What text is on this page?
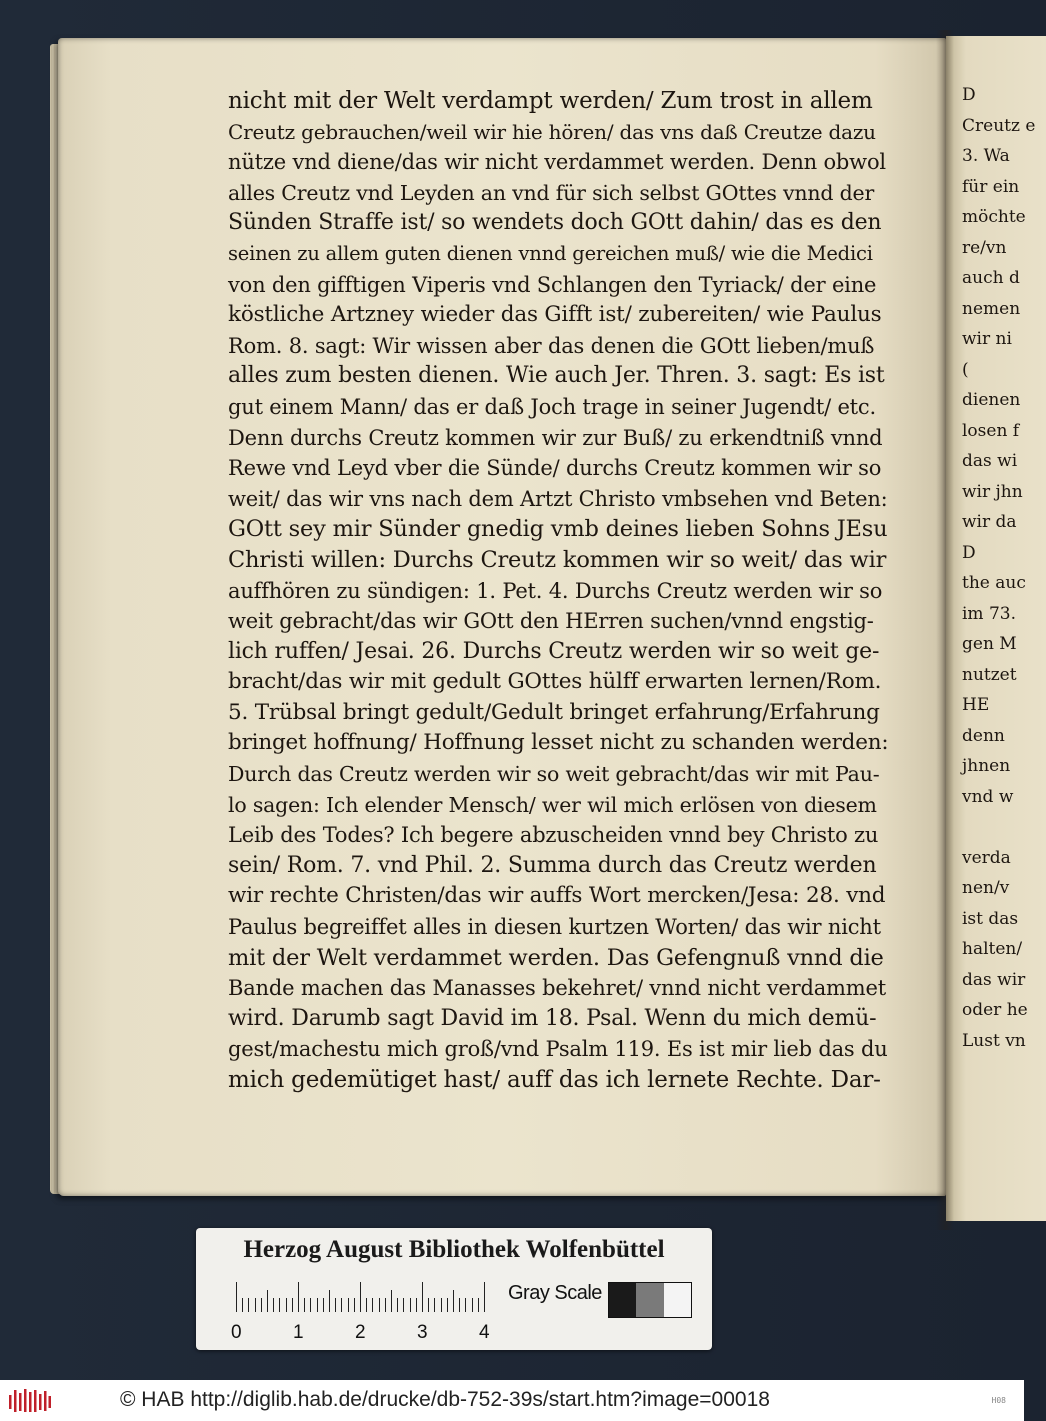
nicht mit der Welt verdampt werden/ Zum trost in allem
Creutz gebrauchen/weil wir hie hören/ das vns daß Creutze dazu
nütze vnd diene/das wir nicht verdammet werden. Denn obwol
alles Creutz vnd Leyden an vnd für sich selbst GOttes vnnd der
Sünden Straffe ist/ so wendets doch GOtt dahin/ das es den
seinen zu allem guten dienen vnnd gereichen muß/ wie die Medici
von den gifftigen Viperis vnd Schlangen den Tyriack/ der eine
köstliche Artzney wieder das Gifft ist/ zubereiten/ wie Paulus
Rom. 8. sagt: Wir wissen aber das denen die GOtt lieben/muß
alles zum besten dienen. Wie auch Jer. Thren. 3. sagt: Es ist
gut einem Mann/ das er daß Joch trage in seiner Jugendt/ etc.
Denn durchs Creutz kommen wir zur Buß/ zu erkendtniß vnnd
Rewe vnd Leyd vber die Sünde/ durchs Creutz kommen wir so
weit/ das wir vns nach dem Artzt Christo vmbsehen vnd Beten:
GOtt sey mir Sünder gnedig vmb deines lieben Sohns JEsu
Christi willen: Durchs Creutz kommen wir so weit/ das wir
auffhören zu sündigen: 1. Pet. 4. Durchs Creutz werden wir so
weit gebracht/das wir GOtt den HErren suchen/vnnd engstig-
lich ruffen/ Jesai. 26. Durchs Creutz werden wir so weit ge-
bracht/das wir mit gedult GOttes hülff erwarten lernen/Rom.
5. Trübsal bringt gedult/Gedult bringet erfahrung/Erfahrung
bringet hoffnung/ Hoffnung lesset nicht zu schanden werden:
Durch das Creutz werden wir so weit gebracht/das wir mit Pau-
lo sagen: Ich elender Mensch/ wer wil mich erlösen von diesem
Leib des Todes? Ich begere abzuscheiden vnnd bey Christo zu
sein/ Rom. 7. vnd Phil. 2. Summa durch das Creutz werden
wir rechte Christen/das wir auffs Wort mercken/Jesa: 28. vnd
Paulus begreiffet alles in diesen kurtzen Worten/ das wir nicht
mit der Welt verdammet werden. Das Gefengnuß vnnd die
Bande machen das Manasses bekehret/ vnnd nicht verdammet
wird. Darumb sagt David im 18. Psal. Wenn du mich demü-
gest/machestu mich groß/vnd Psalm 119. Es ist mir lieb das du
mich gedemütiget hast/ auff das ich lernete Rechte. Dar-
D
Creutz e
3. Wa
für ein
möchte
re/vn
auch d
nemen
wir ni
(
dienen
losen f
das wi
wir jhn
wir da
D
the auc
im 73.
gen M
nutzet
HE
denn
jhnen
vnd w
verda
nen/v
ist das
halten/
das wir
oder he
Lust vn
Herzog August Bibliothek Wolfenbüttel
0	1	2	3	4
Gray Scale
© HAB http://diglib.hab.de/drucke/db-752-39s/start.htm?image=00018	H08
